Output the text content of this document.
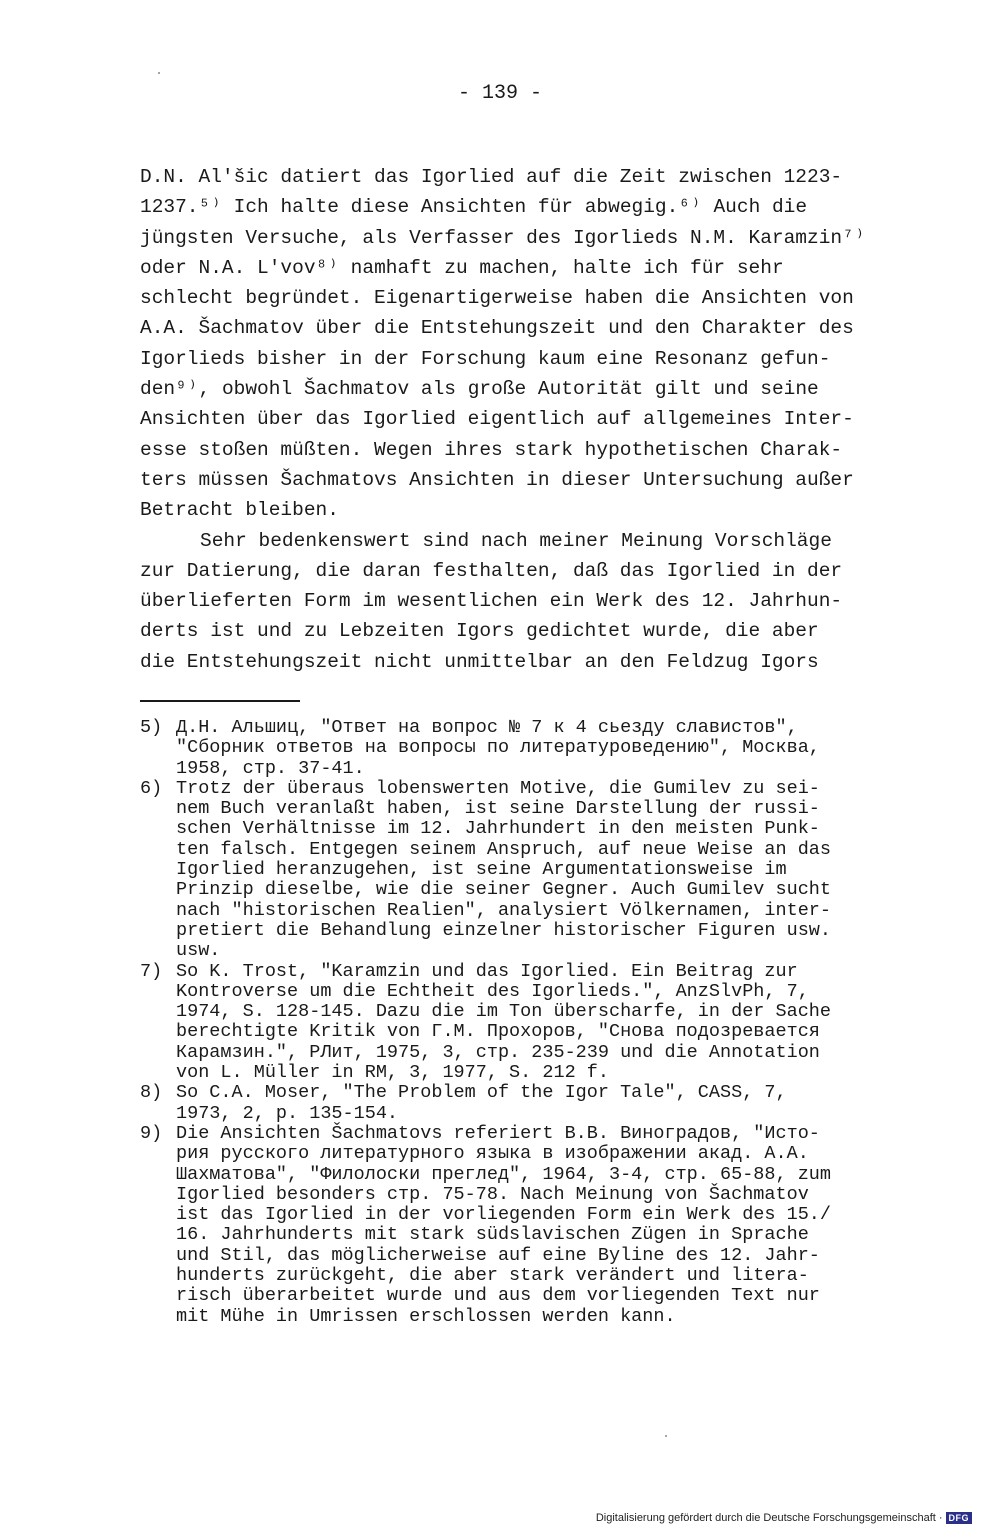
- 139 -
D.N. Al'šic datiert das Igorlied auf die Zeit zwischen 1223-
1237.⁵⁾ Ich halte diese Ansichten für abwegig.⁶⁾ Auch die
jüngsten Versuche, als Verfasser des Igorlieds N.M. Karamzin⁷⁾
oder N.A. L'vov⁸⁾ namhaft zu machen, halte ich für sehr
schlecht begründet. Eigenartigerweise haben die Ansichten von
A.A. Šachmatov über die Entstehungszeit und den Charakter des
Igorlieds bisher in der Forschung kaum eine Resonanz gefun-
den⁹⁾, obwohl Šachmatov als große Autorität gilt und seine
Ansichten über das Igorlied eigentlich auf allgemeines Inter-
esse stoßen müßten. Wegen ihres stark hypothetischen Charak-
ters müssen Šachmatovs Ansichten in dieser Untersuchung außer
Betracht bleiben.
Sehr bedenkenswert sind nach meiner Meinung Vorschläge
zur Datierung, die daran festhalten, daß das Igorlied in der
überlieferten Form im wesentlichen ein Werk des 12. Jahrhun-
derts ist und zu Lebzeiten Igors gedichtet wurde, die aber
die Entstehungszeit nicht unmittelbar an den Feldzug Igors
5) Д.Н. Альшиц, "Ответ на вопрос № 7 к 4 сьезду славистов",
"Сборник ответов на вопросы по литературоведению", Москва,
1958, стр. 37-41.
6) Trotz der überaus lobenswerten Motive, die Gumilev zu sei-
nem Buch veranlaßt haben, ist seine Darstellung der russi-
schen Verhältnisse im 12. Jahrhundert in den meisten Punk-
ten falsch. Entgegen seinem Anspruch, auf neue Weise an das
Igorlied heranzugehen, ist seine Argumentationsweise im
Prinzip dieselbe, wie die seiner Gegner. Auch Gumilev sucht
nach "historischen Realien", analysiert Völkernamen, inter-
pretiert die Behandlung einzelner historischer Figuren usw.
usw.
7) So K. Trost, "Karamzin und das Igorlied. Ein Beitrag zur
Kontroverse um die Echtheit des Igorlieds.", AnzSlvPh, 7,
1974, S. 128-145. Dazu die im Ton überscharfe, in der Sache
berechtigte Kritik von Г.М. Прохоров, "Снова подозревается
Карамзин.", РЛит, 1975, 3, стр. 235-239 und die Annotation
von L. Müller in RM, 3, 1977, S. 212 f.
8) So C.A. Moser, "The Problem of the Igor Tale", CASS, 7,
1973, 2, p. 135-154.
9) Die Ansichten Šachmatovs referiert В.В. Виноградов, "Исто-
рия русского литературного языка в изображении акад. А.А.
Шахматова", "Филолоски преглед", 1964, 3-4, стр. 65-88, zum
Igorlied besonders стр. 75-78. Nach Meinung von Šachmatov
ist das Igorlied in der vorliegenden Form ein Werk des 15./
16. Jahrhunderts mit stark südslavischen Zügen in Sprache
und Stil, das möglicherweise auf eine Byline des 12. Jahr-
hunderts zurückgeht, die aber stark verändert und litera-
risch überarbeitet wurde und aus dem vorliegenden Text nur
mit Mühe in Umrissen erschlossen werden kann.
Digitalisierung gefördert durch die Deutsche Forschungsgemeinschaft · DFG
